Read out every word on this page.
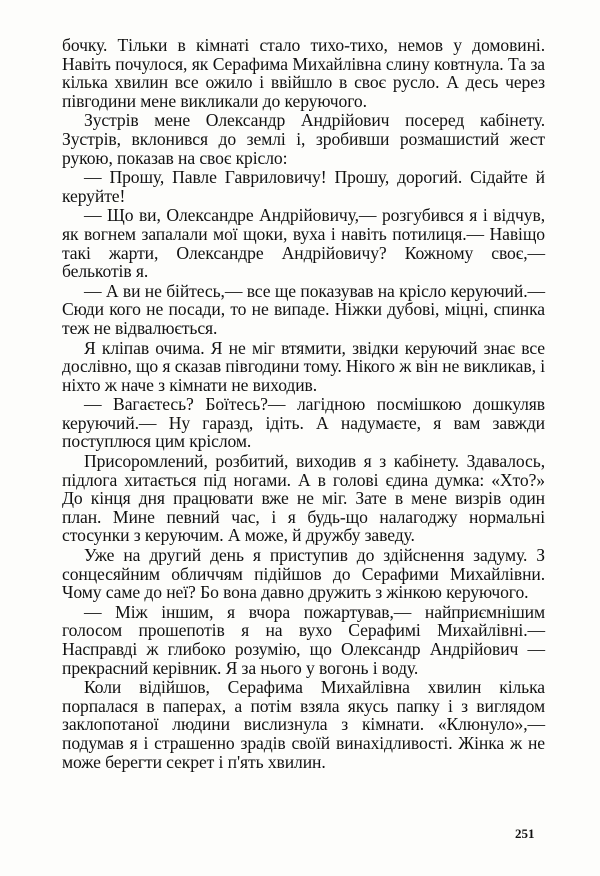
бочку. Тільки в кімнаті стало тихо-тихо, немов у домовині. Навіть почулося, як Серафима Михайлівна слину ковтнула. Та за кілька хвилин все ожило і ввійшло в своє русло. А десь через півгодини мене викликали до керуючого.

Зустрів мене Олександр Андрійович посеред кабінету. Зустрів, вклонився до землі і, зробивши розмашистий жест рукою, показав на своє крісло:

— Прошу, Павле Гавриловичу! Прошу, дорогий. Сідайте й керуйте!

— Що ви, Олександре Андрійовичу,— розгубився я і відчув, як вогнем запалали мої щоки, вуха і навіть потилиця.— Навіщо такі жарти, Олександре Андрійовичу? Кожному своє,— белькотів я.

— А ви не бійтесь,— все ще показував на крісло керуючий.— Сюди кого не посади, то не випаде. Ніжки дубові, міцні, спинка теж не відвалюється.

Я кліпав очима. Я не міг втямити, звідки керуючий знає все дослівно, що я сказав півгодини тому. Нікого ж він не викликав, і ніхто ж наче з кімнати не виходив.

— Вагаєтесь? Боїтесь?— лагідною посмішкою дошкуляв керуючий.— Ну гаразд, ідіть. А надумаєте, я вам завжди поступлюся цим кріслом.

Присоромлений, розбитий, виходив я з кабінету. Здавалось, підлога хитається під ногами. А в голові єдина думка: «Хто?» До кінця дня працювати вже не міг. Зате в мене визрів один план. Мине певний час, і я будь-що налагоджу нормальні стосунки з керуючим. А може, й дружбу заведу.

Уже на другий день я приступив до здійснення задуму. З сонцесяйним обличчям підійшов до Серафими Михайлівни. Чому саме до неї? Бо вона давно дружить з жінкою керуючого.

— Між іншим, я вчора пожартував,— найприємнішим голосом прошепотів я на вухо Серафимі Михайлівні.— Насправді ж глибоко розумію, що Олександр Андрійович — прекрасний керівник. Я за нього у вогонь і воду.

Коли відійшов, Серафима Михайлівна хвилин кілька порпалася в паперах, а потім взяла якусь папку і з виглядом заклопотаної людини вислизнула з кімнати. «Клюнуло»,— подумав я і страшенно зрадів своїй винахідливості. Жінка ж не може берегти секрет і п'ять хвилин.

251
